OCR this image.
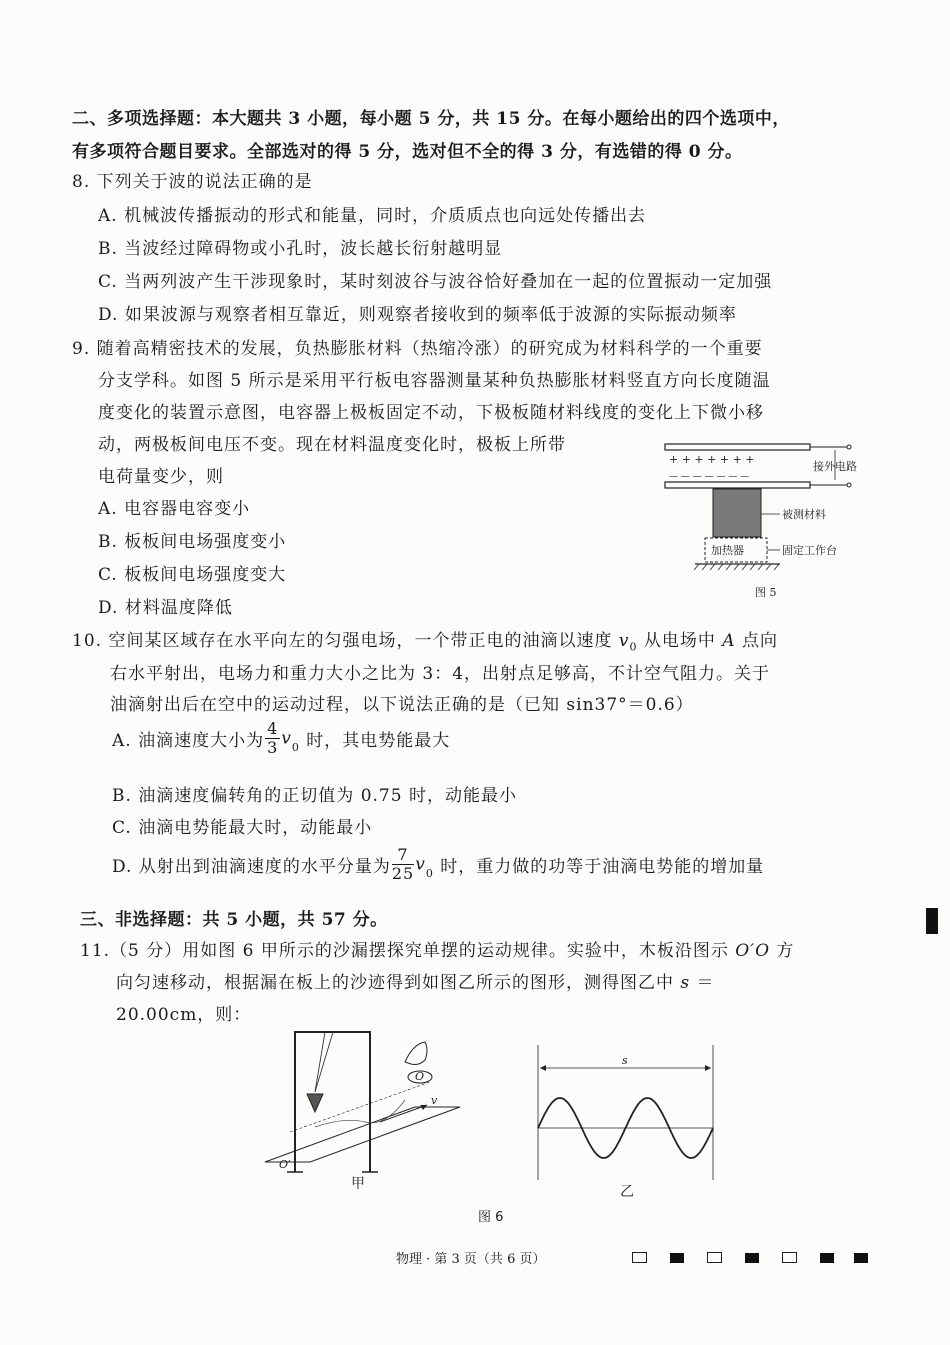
二、多项选择题：本大题共 3 小题，每小题 5 分，共 15 分。在每小题给出的四个选项中，
有多项符合题目要求。全部选对的得 5 分，选对但不全的得 3 分，有选错的得 0 分。
8. 下列关于波的说法正确的是
A. 机械波传播振动的形式和能量，同时，介质质点也向远处传播出去
B. 当波经过障碍物或小孔时，波长越长衍射越明显
C. 当两列波产生干涉现象时，某时刻波谷与波谷恰好叠加在一起的位置振动一定加强
D. 如果波源与观察者相互靠近，则观察者接收到的频率低于波源的实际振动频率
9. 随着高精密技术的发展，负热膨胀材料（热缩冷涨）的研究成为材料科学的一个重要
分支学科。如图 5 所示是采用平行板电容器测量某种负热膨胀材料竖直方向长度随温
度变化的装置示意图，电容器上极板固定不动，下极板随材料线度的变化上下微小移
动，两极板间电压不变。现在材料温度变化时，极板上所带
电荷量变少，则
A. 电容器电容变小
B. 板板间电场强度变小
C. 板板间电场强度变大
D. 材料温度降低
+ + + + + + +
— — — — — — —
接外电路
被测材料
加热器	固定工作台
图 5
10. 空间某区域存在水平向左的匀强电场，一个带正电的油滴以速度 $v_0$ 从电场中 A 点向
右水平射出，电场力和重力大小之比为 3：4，出射点足够高，不计空气阻力。关于
油滴射出后在空中的运动过程，以下说法正确的是（已知 sin37°＝0.6）
A. 油滴速度大小为 $\frac{4}{3} v_0$ 时，其电势能最大
B. 油滴速度偏转角的正切值为 0.75 时，动能最小
C. 油滴电势能最大时，动能最小
D. 从射出到油滴速度的水平分量为 $\frac{7}{25} v_0$ 时，重力做的功等于油滴电势能的增加量
三、非选择题：共 5 小题，共 57 分。
11.（5 分）用如图 6 甲所示的沙漏摆探究单摆的运动规律。实验中，木板沿图示 O′O 方
向匀速移动，根据漏在板上的沙迹得到如图乙所示的图形，测得图乙中 s ＝
20.00cm，则：
v
O
O′
甲
s
乙
图 6
物理 · 第 3 页（共 6 页）
